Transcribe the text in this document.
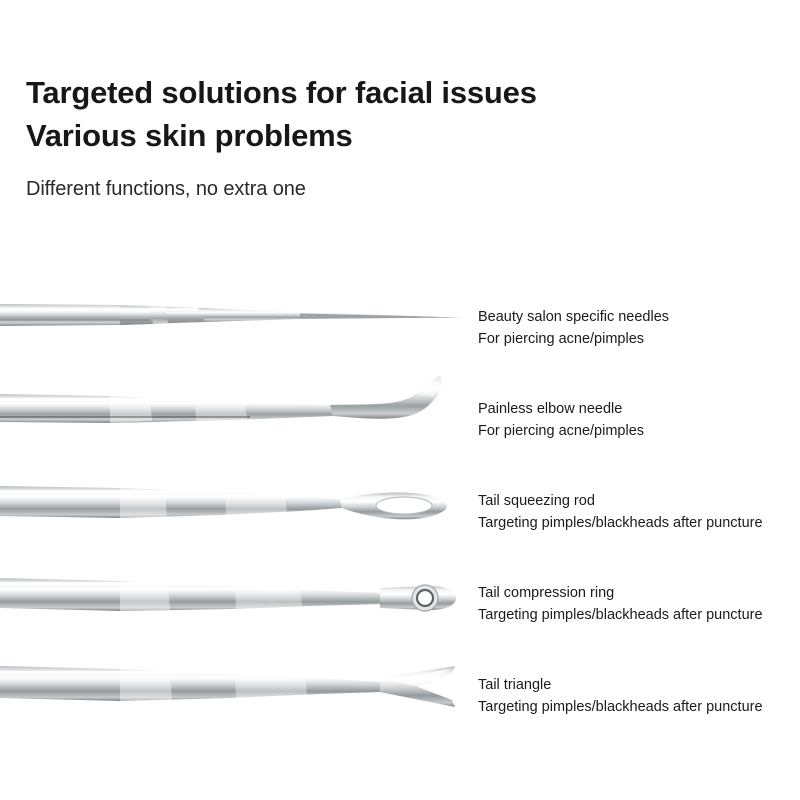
Targeted solutions for facial issues
Various skin problems
Different functions, no extra one
Beauty salon specific needles
For piercing acne/pimples
Painless elbow needle
For piercing acne/pimples
Tail squeezing rod
Targeting pimples/blackheads after puncture
Tail compression ring
Targeting pimples/blackheads after puncture
Tail triangle
Targeting pimples/blackheads after puncture
